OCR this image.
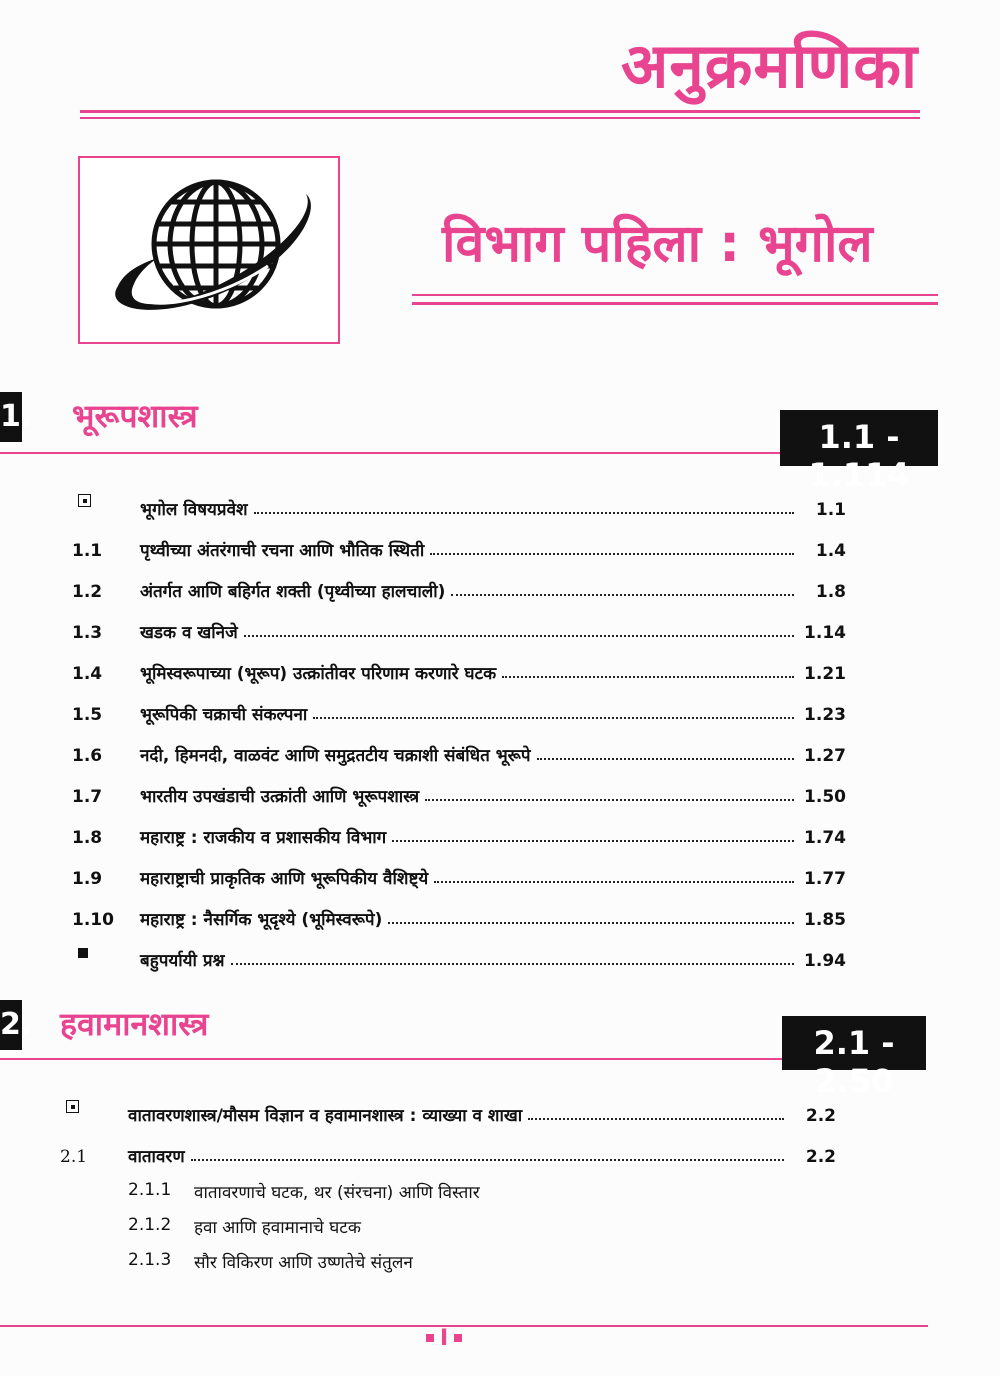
अनुक्रमणिका
विभाग पहिला : भूगोल
1. भूरूपशास्त्र
1.1 - 1.114
भूगोल विषयप्रवेश	1.1
1.1	पृथ्वीच्या अंतरंगाची रचना आणि भौतिक स्थिती	1.4
1.2	अंतर्गत आणि बहिर्गत शक्ती (पृथ्वीच्या हालचाली)	1.8
1.3	खडक व खनिजे	1.14
1.4	भूमिस्वरूपाच्या (भूरूप) उत्क्रांतीवर परिणाम करणारे घटक	1.21
1.5	भूरूपिकी चक्राची संकल्पना	1.23
1.6	नदी, हिमनदी, वाळवंट आणि समुद्रतटीय चक्राशी संबंधित भूरूपे	1.27
1.7	भारतीय उपखंडाची उत्क्रांती आणि भूरूपशास्त्र	1.50
1.8	महाराष्ट्र : राजकीय व प्रशासकीय विभाग	1.74
1.9	महाराष्ट्राची प्राकृतिक आणि भूरूपिकीय वैशिष्ट्ये	1.77
1.10	महाराष्ट्र : नैसर्गिक भूदृश्ये (भूमिस्वरूपे)	1.85
बहुपर्यायी प्रश्न	1.94
2. हवामानशास्त्र	2.1 - 2.50
वातावरणशास्त्र/मौसम विज्ञान व हवामानशास्त्र : व्याख्या व शाखा	2.2
2.1	वातावरण	2.2
2.1.1	वातावरणाचे घटक, थर (संरचना) आणि विस्तार
2.1.2	हवा आणि हवामानाचे घटक
2.1.3	सौर विकिरण आणि उष्णतेचे संतुलन
I
